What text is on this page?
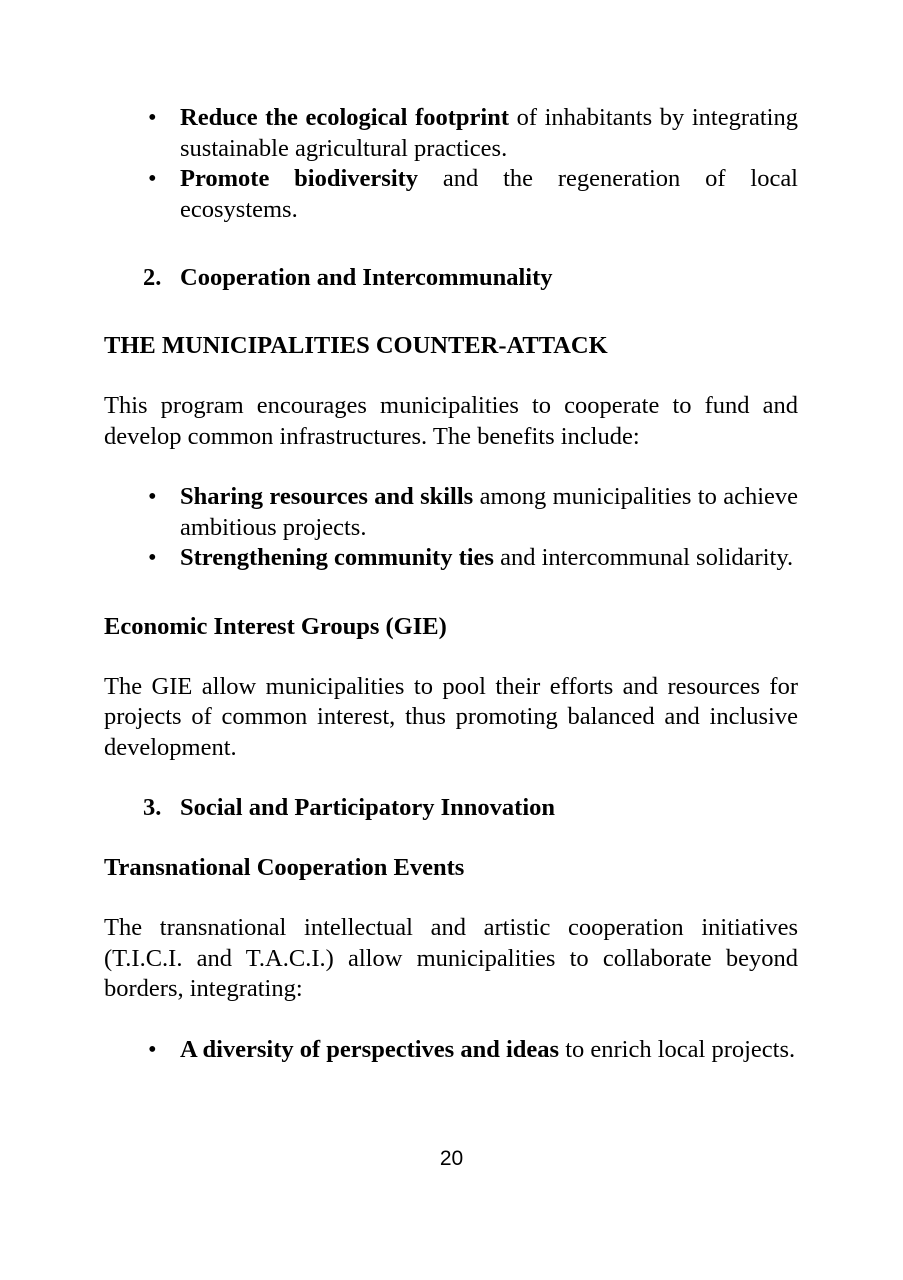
• Reduce the ecological footprint of inhabitants by integrating sustainable agricultural practices.
• Promote biodiversity and the regeneration of local ecosystems.
2. Cooperation and Intercommunality
THE MUNICIPALITIES COUNTER-ATTACK

This program encourages municipalities to cooperate to fund and develop common infrastructures. The benefits include:

• Sharing resources and skills among municipalities to achieve ambitious projects.
• Strengthening community ties and intercommunal solidarity.
Economic Interest Groups (GIE)

The GIE allow municipalities to pool their efforts and resources for projects of common interest, thus promoting balanced and inclusive development.

3. Social and Participatory Innovation
Transnational Cooperation Events

The transnational intellectual and artistic cooperation initiatives (T.I.C.I. and T.A.C.I.) allow municipalities to collaborate beyond borders, integrating:

• A diversity of perspectives and ideas to enrich local projects.
20
